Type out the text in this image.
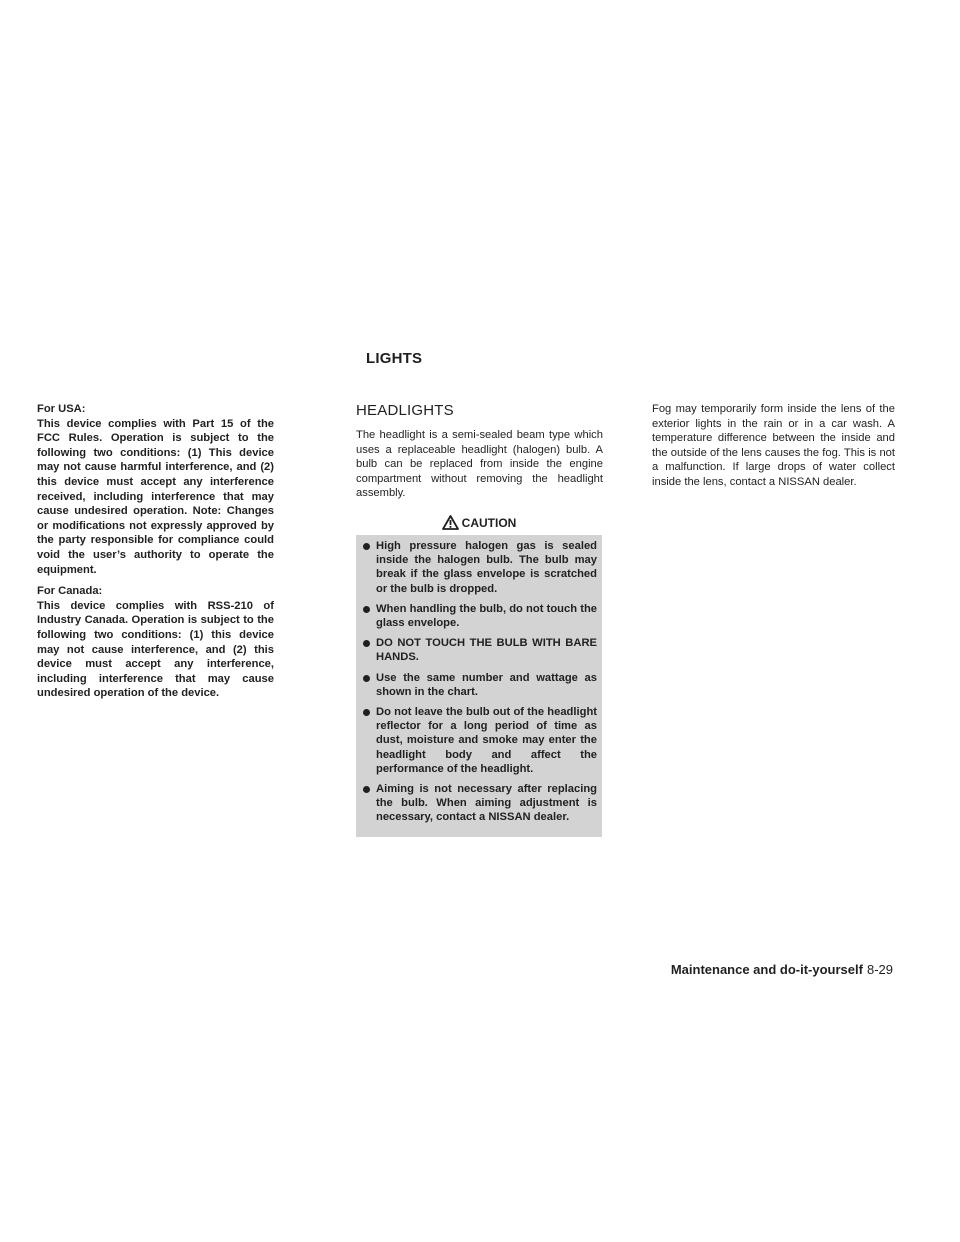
LIGHTS

For USA:
This device complies with Part 15 of the FCC Rules. Operation is subject to the following two conditions: (1) This device may not cause harmful interference, and (2) this device must accept any interference received, including interference that may cause undesired operation. Note: Changes or modifications not expressly approved by the party responsible for compliance could void the user’s authority to operate the equipment.

For Canada:
This device complies with RSS-210 of Industry Canada. Operation is subject to the following two conditions: (1) this device may not cause interference, and (2) this device must accept any interference, including interference that may cause undesired operation of the device.

HEADLIGHTS

The headlight is a semi-sealed beam type which uses a replaceable headlight (halogen) bulb. A bulb can be replaced from inside the engine compartment without removing the headlight assembly.

CAUTION
High pressure halogen gas is sealed inside the halogen bulb. The bulb may break if the glass envelope is scratched or the bulb is dropped.
When handling the bulb, do not touch the glass envelope.
DO NOT TOUCH THE BULB WITH BARE HANDS.
Use the same number and wattage as shown in the chart.
Do not leave the bulb out of the headlight reflector for a long period of time as dust, moisture and smoke may enter the headlight body and affect the performance of the headlight.
Aiming is not necessary after replacing the bulb. When aiming adjustment is necessary, contact a NISSAN dealer.

Fog may temporarily form inside the lens of the exterior lights in the rain or in a car wash. A temperature difference between the inside and the outside of the lens causes the fog. This is not a malfunction. If large drops of water collect inside the lens, contact a NISSAN dealer.

Maintenance and do-it-yourself 8-29
